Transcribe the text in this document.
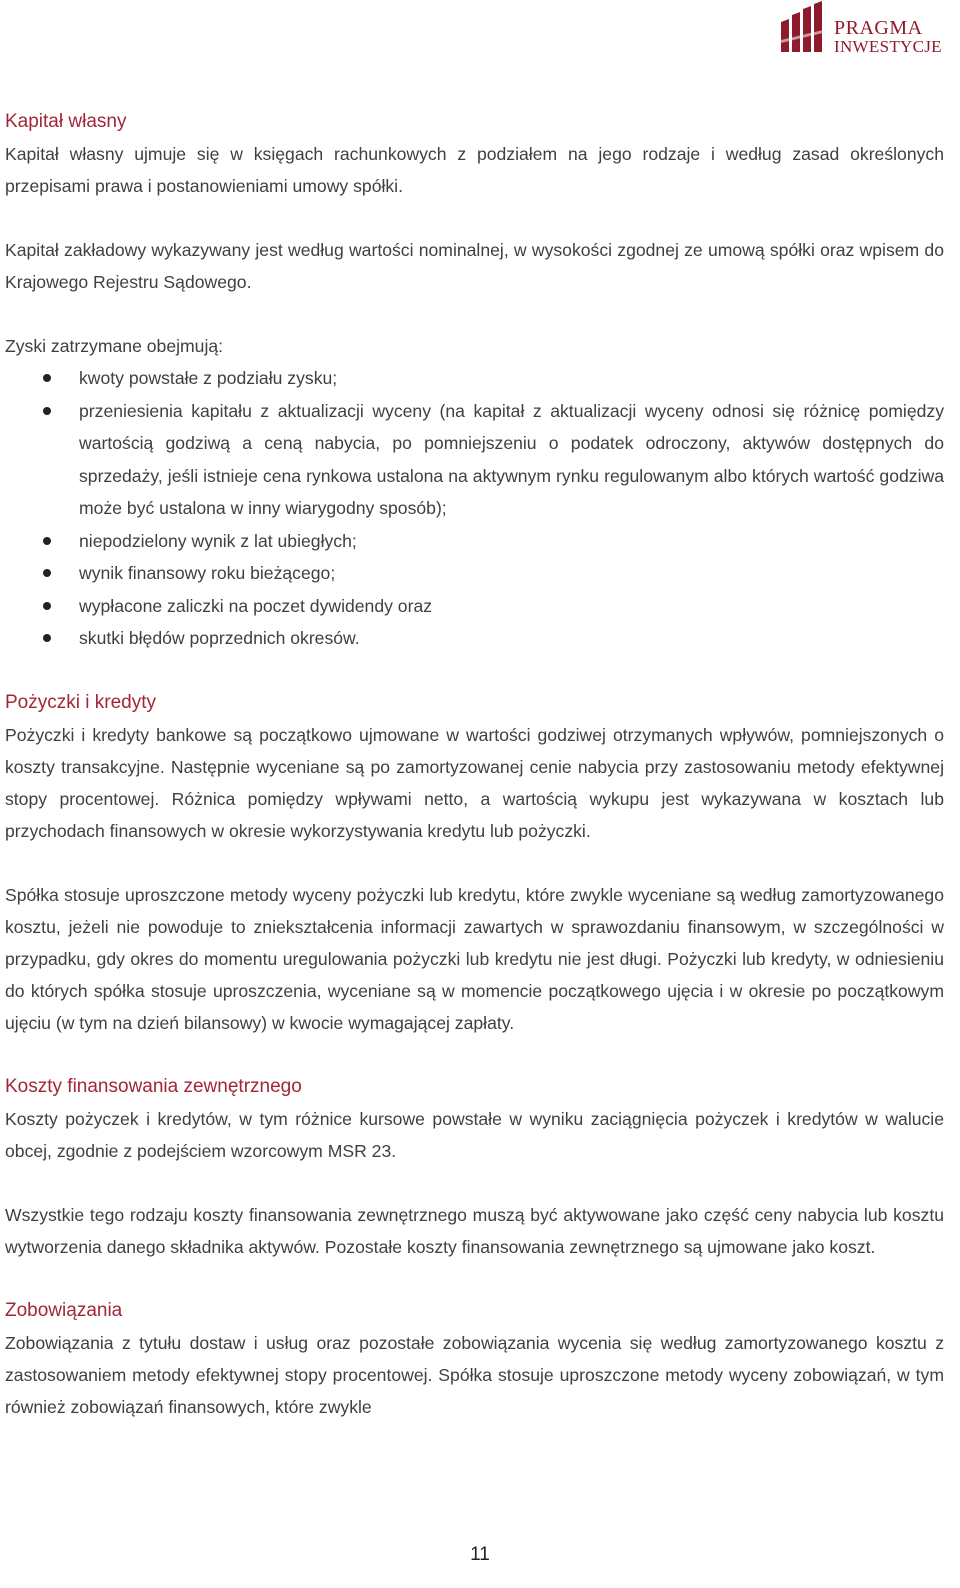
PRAGMA
INWESTYCJE
Kapitał własny
Kapitał własny ujmuje się w księgach rachunkowych z podziałem na jego rodzaje i według zasad określonych przepisami prawa i postanowieniami umowy spółki.
Kapitał zakładowy wykazywany jest według wartości nominalnej, w wysokości zgodnej ze umową spółki oraz wpisem do Krajowego Rejestru Sądowego.
Zyski zatrzymane obejmują:
kwoty powstałe z podziału zysku;
przeniesienia kapitału z aktualizacji wyceny (na kapitał z aktualizacji wyceny odnosi się różnicę pomiędzy wartością godziwą a ceną nabycia, po pomniejszeniu o podatek odroczony, aktywów dostępnych do sprzedaży, jeśli istnieje cena rynkowa ustalona na aktywnym rynku regulowanym albo których wartość godziwa może być ustalona w inny wiarygodny sposób);
niepodzielony wynik z lat ubiegłych;
wynik finansowy roku bieżącego;
wypłacone zaliczki na poczet dywidendy oraz
skutki błędów poprzednich okresów.
Pożyczki i kredyty
Pożyczki i kredyty bankowe są początkowo ujmowane w wartości godziwej otrzymanych wpływów, pomniejszonych o koszty transakcyjne. Następnie wyceniane są po zamortyzowanej cenie nabycia przy zastosowaniu metody efektywnej stopy procentowej. Różnica pomiędzy wpływami netto, a wartością wykupu jest wykazywana w kosztach lub przychodach finansowych w okresie wykorzystywania kredytu lub pożyczki.
Spółka stosuje uproszczone metody wyceny pożyczki lub kredytu, które zwykle wyceniane są według zamortyzowanego kosztu, jeżeli nie powoduje to zniekształcenia informacji zawartych w sprawozdaniu finansowym, w szczególności w przypadku, gdy okres do momentu uregulowania pożyczki lub kredytu nie jest długi. Pożyczki lub kredyty, w odniesieniu do których spółka stosuje uproszczenia, wyceniane są w momencie początkowego ujęcia i w okresie po początkowym ujęciu (w tym na dzień bilansowy) w kwocie wymagającej zapłaty.
Koszty finansowania zewnętrznego
Koszty pożyczek i kredytów, w tym różnice kursowe powstałe w wyniku zaciągnięcia pożyczek i kredytów w walucie obcej, zgodnie z podejściem wzorcowym MSR 23.
Wszystkie tego rodzaju koszty finansowania zewnętrznego muszą być aktywowane jako część ceny nabycia lub kosztu wytworzenia danego składnika aktywów. Pozostałe koszty finansowania zewnętrznego są ujmowane jako koszt.
Zobowiązania
Zobowiązania z tytułu dostaw i usług oraz pozostałe zobowiązania wycenia się według zamortyzowanego kosztu z zastosowaniem metody efektywnej stopy procentowej. Spółka stosuje uproszczone metody wyceny zobowiązań, w tym również zobowiązań finansowych, które zwykle
11
